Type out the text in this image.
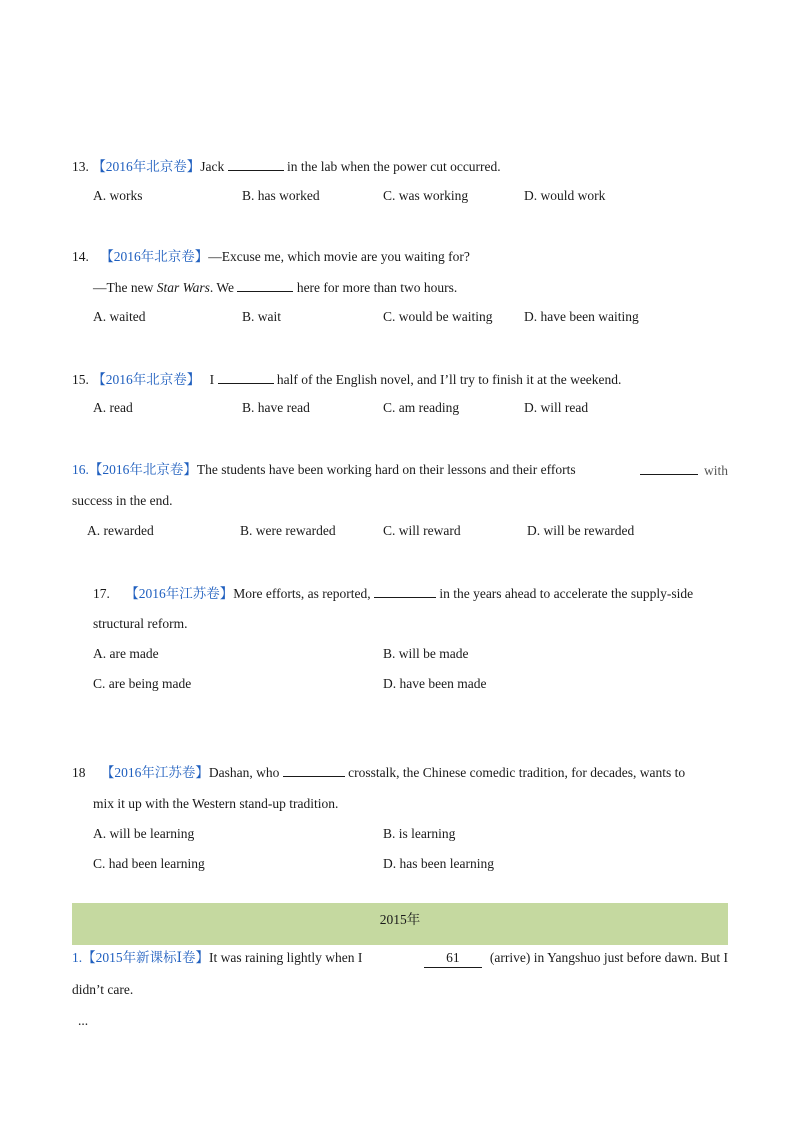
13. 【2016年北京卷】Jack	in the lab when the power cut occurred.
A. works	B. has worked	C. was working	D. would work
14. 【2016年北京卷】—Excuse me, which movie are you waiting for?
—The new Star Wars. We	here for more than two hours.
A. waited	B. wait	C. would be waiting D. have been waiting
15. 【2016年北京卷】 I	half of the English novel, and I’ll try to finish it at the weekend.
A. read	B. have read	C. am reading	D. will read
16.【2016年北京卷】The students have been working hard on their lessons and their efforts	with
success in the end.
A. rewarded	B. were rewarded	C. will reward	D. will be rewarded
17. 【2016年江苏卷】More efforts, as reported,	in the years ahead to accelerate the supply-side
structural reform.
A. are made	B. will be made
C. are being made	D. have been made
18 【2016年江苏卷】Dashan, who	crosstalk, the Chinese comedic tradition, for decades, wants to
mix it up with the Western stand-up tradition.
A. will be learning	B. is learning
C. had been learning	D. has been learning
2015年
1.【2015年新课标Ⅰ卷】It was raining lightly when I	61 (arrive) in Yangshuo just before dawn. But I
didn’t care.
...
